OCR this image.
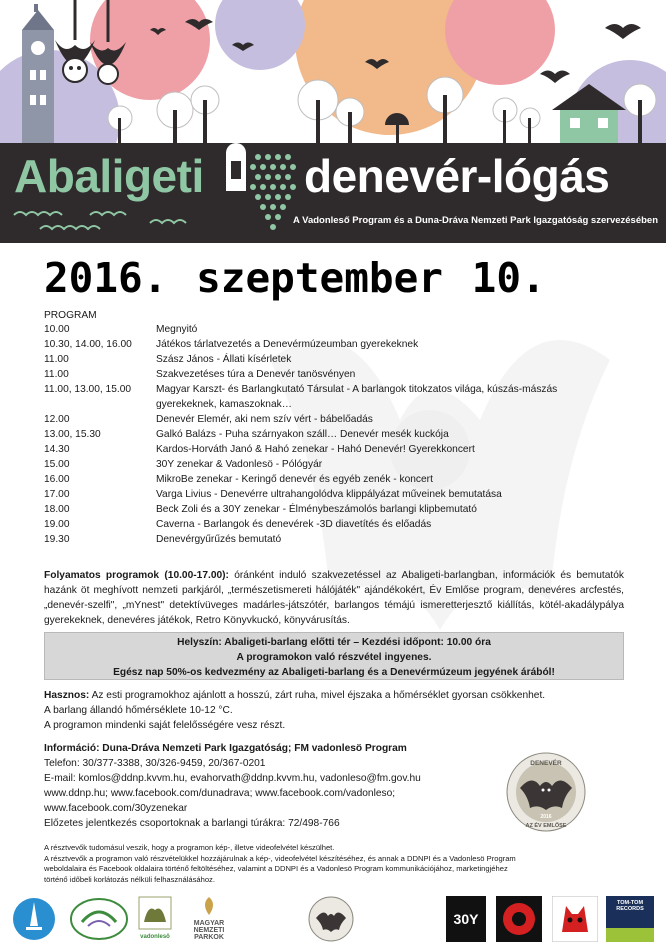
Abaligeti denevér-lógás
A Vadonleső Program és a Duna-Dráva Nemzeti Park Igazgatóság szervezésében
2016. szeptember 10.
PROGRAM
10.00	Megnyitó
10.30, 14.00, 16.00	Játékos tárlatvezetés a Denevérmúzeumban gyerekeknek
11.00	Szász János - Állati kísérletek
11.00	Szakvezetéses túra a Denevér tanösvényen
11.00, 13.00, 15.00	Magyar Karszt- és Barlangkutató Társulat - A barlangok titokzatos világa, kúszás-mászás
gyerekeknek, kamaszoknak…
12.00	Denevér Elemér, aki nem szív vért - bábelőadás
13.00, 15.30	Galkó Balázs - Puha szárnyakon száll… Denevér mesék kuckója
14.30	Kardos-Horváth Janó & Hahó zenekar - Hahó Denevér! Gyerekkoncert
15.00	30Y zenekar & Vadonlesö - Pólógyár
16.00	MikroBe zenekar - Keringő denevér és egyéb zenék - koncert
17.00	Varga Livius - Denevérre ultrahangolódva klippályázat műveinek bemutatása
18.00	Beck Zoli és a 30Y zenekar - Élménybeszámolós barlangi klipbemutató
19.00	Caverna - Barlangok és denevérek -3D diavetítés és előadás
19.30	Denevérgyűrűzés bemutató
Folyamatos programok (10.00-17.00): óránként induló szakvezetéssel az Abaligeti-barlangban, információk és bemutatók hazánk öt meghívott nemzeti parkjáról, „természetismereti hálójáték" ajándékokért, Év Emlőse program, denevéres arcfestés, „denevér-szelfi", „mYnest" detektívüveges madárles-játszótér, barlangos témájú ismeretterjesztő kiállítás, kötél-akadálypálya gyerekeknek, denevéres játékok, Retro Könyvkuckó, könyvárusítás.
Helyszín: Abaligeti-barlang előtti tér – Kezdési időpont: 10.00 óra
A programokon való részvétel ingyenes.
Egész nap 50%-os kedvezmény az Abaligeti-barlang és a Denevérmúzeum jegyének árából!
Hasznos: Az esti programokhoz ajánlott a hosszú, zárt ruha, mivel éjszaka a hőmérséklet gyorsan csökkenhet.
A barlang állandó hőmérséklete 10-12 °C.
A programon mindenki saját felelősségére vesz részt.
Információ: Duna-Dráva Nemzeti Park Igazgatóság; FM vadonlesö Program
Telefon: 30/377-3388, 30/326-9459, 20/367-0201
E-mail: komlos@ddnp.kvvm.hu, evahorvath@ddnp.kvvm.hu, vadonleso@fm.gov.hu
www.ddnp.hu; www.facebook.com/dunadrava; www.facebook.com/vadonleso;
www.facebook.com/30yzenekar
Előzetes jelentkezés csoportoknak a barlangi túrákra: 72/498-766
DENEVÉR
2016
AZ ÉV EMLŐSE
A résztvevők tudomásul veszik, hogy a programon kép-, illetve videofelvétel készülhet.
A résztvevők a programon való részvételükkel hozzájárulnak a kép-, videofelvétel készítéséhez, és annak a DDNPI és a Vadonlesö Program
weboldalaira és Facebook oldalaira történő feltöltéséhez, valamint a DDNPI és a Vadonlesö Program kommunikációjához, marketingjéhez
történő időbeli korlátozás nélküli felhasználásához.
vadonlesö
MAGYAR
NEMZETI
PARKOK
30Y
TOM-TOM RECORDS
